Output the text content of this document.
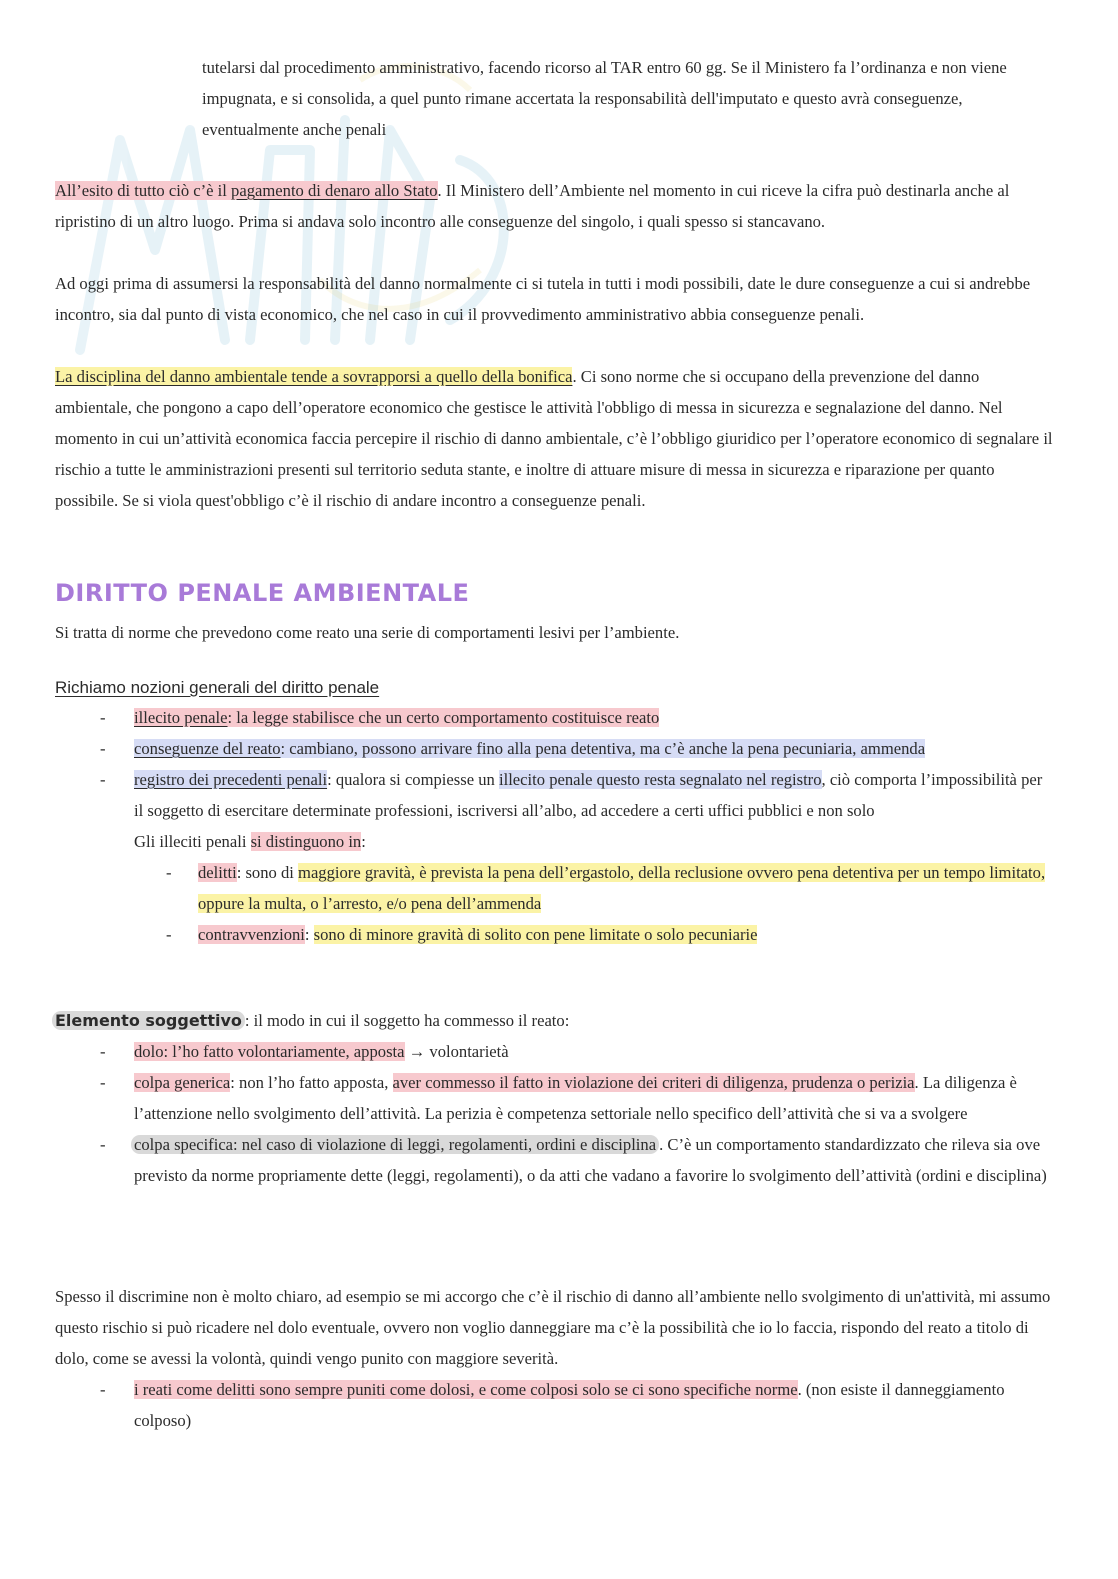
tutelarsi dal procedimento amministrativo, facendo ricorso al TAR entro 60 gg. Se il Ministero fa l’ordinanza e non viene impugnata, e si consolida, a quel punto rimane accertata la responsabilità dell'imputato e questo avrà conseguenze, eventualmente anche penali

All’esito di tutto ciò c’è il pagamento di denaro allo Stato. Il Ministero dell’Ambiente nel momento in cui riceve la cifra può destinarla anche al ripristino di un altro luogo. Prima si andava solo incontro alle conseguenze del singolo, i quali spesso si stancavano.

Ad oggi prima di assumersi la responsabilità del danno normalmente ci si tutela in tutti i modi possibili, date le dure conseguenze a cui si andrebbe incontro, sia dal punto di vista economico, che nel caso in cui il provvedimento amministrativo abbia conseguenze penali.

La disciplina del danno ambientale tende a sovrapporsi a quello della bonifica. Ci sono norme che si occupano della prevenzione del danno ambientale, che pongono a capo dell’operatore economico che gestisce le attività l'obbligo di messa in sicurezza e segnalazione del danno. Nel momento in cui un’attività economica faccia percepire il rischio di danno ambientale, c’è l’obbligo giuridico per l’operatore economico di segnalare il rischio a tutte le amministrazioni presenti sul territorio seduta stante, e inoltre di attuare misure di messa in sicurezza e riparazione per quanto possibile. Se si viola quest'obbligo c’è il rischio di andare incontro a conseguenze penali.

DIRITTO PENALE AMBIENTALE

Si tratta di norme che prevedono come reato una serie di comportamenti lesivi per l’ambiente.

Richiamo nozioni generali del diritto penale

- illecito penale: la legge stabilisce che un certo comportamento costituisce reato
- conseguenze del reato: cambiano, possono arrivare fino alla pena detentiva, ma c’è anche la pena pecuniaria, ammenda
- registro dei precedenti penali: qualora si compiesse un illecito penale questo resta segnalato nel registro, ciò comporta l’impossibilità per il soggetto di esercitare determinate professioni, iscriversi all’albo, ad accedere a certi uffici pubblici e non solo
Gli illeciti penali si distinguono in:
- delitti: sono di maggiore gravità, è prevista la pena dell’ergastolo, della reclusione ovvero pena detentiva per un tempo limitato, oppure la multa, o l’arresto, e/o pena dell’ammenda
- contravvenzioni: sono di minore gravità di solito con pene limitate o solo pecuniarie

Elemento soggettivo : il modo in cui il soggetto ha commesso il reato:

- dolo: l’ho fatto volontariamente, apposta → volontarietà
- colpa generica: non l’ho fatto apposta, aver commesso il fatto in violazione dei criteri di diligenza, prudenza o perizia. La diligenza è l’attenzione nello svolgimento dell’attività. La perizia è competenza settoriale nello specifico dell’attività che si va a svolgere
- colpa specifica: nel caso di violazione di leggi, regolamenti, ordini e disciplina . C’è un comportamento standardizzato che rileva sia ove previsto da norme propriamente dette (leggi, regolamenti), o da atti che vadano a favorire lo svolgimento dell’attività (ordini e disciplina)

Spesso il discrimine non è molto chiaro, ad esempio se mi accorgo che c’è il rischio di danno all’ambiente nello svolgimento di un'attività, mi assumo questo rischio si può ricadere nel dolo eventuale, ovvero non voglio danneggiare ma c’è la possibilità che io lo faccia, rispondo del reato a titolo di dolo, come se avessi la volontà, quindi vengo punito con maggiore severità.

- i reati come delitti sono sempre puniti come dolosi, e come colposi solo se ci sono specifiche norme. (non esiste il danneggiamento colposo)
